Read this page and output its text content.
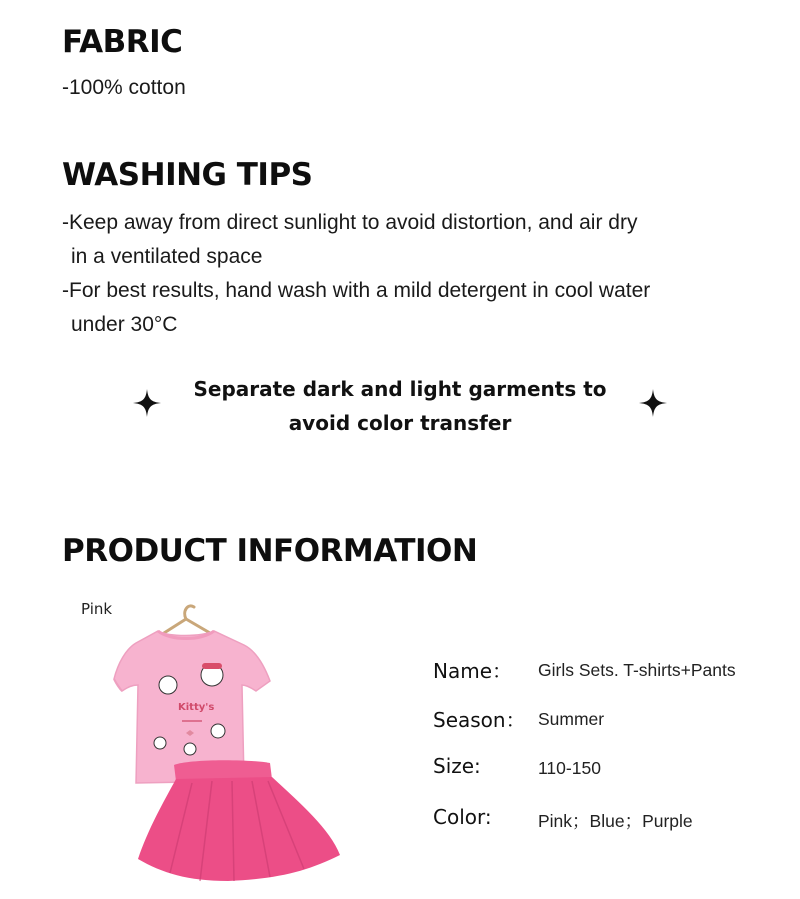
FABRIC
-100% cotton
WASHING TIPS
-Keep away from direct sunlight to avoid distortion, and air dry
in a ventilated space
-For best results, hand wash with a mild detergent in cool water
under 30°C
Separate dark and light garments to
avoid color transfer
PRODUCT INFORMATION
Pink
Kitty's
Name： Girls Sets. T-shirts+Pants
Season： Summer
Size:	110-150
Color:	Pink；Blue；Purple
